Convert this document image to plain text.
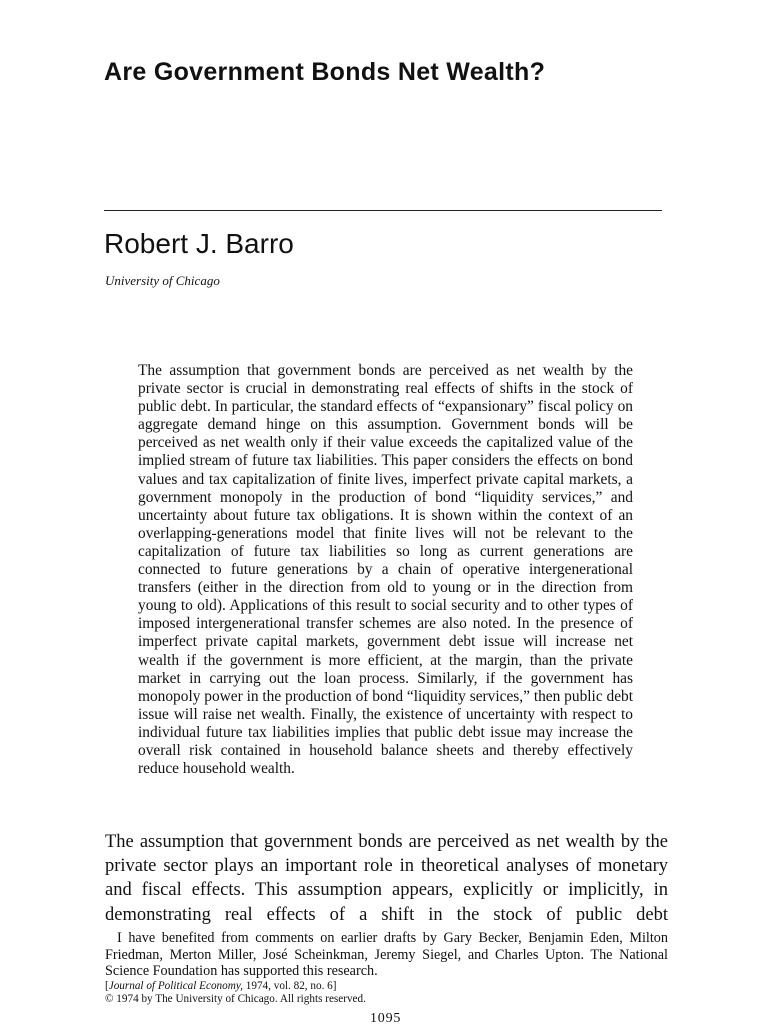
Are Government Bonds Net Wealth?
Robert J. Barro
University of Chicago

The assumption that government bonds are perceived as net wealth by the private sector is crucial in demonstrating real effects of shifts in the stock of public debt. In particular, the standard effects of “expansionary” fiscal policy on aggregate demand hinge on this assumption. Government bonds will be perceived as net wealth only if their value exceeds the capitalized value of the implied stream of future tax liabilities. This paper considers the effects on bond values and tax capitalization of finite lives, imperfect private capital markets, a government monopoly in the production of bond “liquidity services,” and uncertainty about future tax obligations. It is shown within the context of an overlapping-generations model that finite lives will not be relevant to the capitalization of future tax liabilities so long as current generations are connected to future generations by a chain of operative intergenerational transfers (either in the direction from old to young or in the direction from young to old). Applications of this result to social security and to other types of imposed intergenerational transfer schemes are also noted. In the presence of imperfect private capital markets, government debt issue will increase net wealth if the government is more efficient, at the margin, than the private market in carrying out the loan process. Similarly, if the government has monopoly power in the production of bond “liquidity services,” then public debt issue will raise net wealth. Finally, the existence of uncertainty with respect to individual future tax liabilities implies that public debt issue may increase the overall risk contained in household balance sheets and thereby effectively reduce household wealth.

The assumption that government bonds are perceived as net wealth by the private sector plays an important role in theoretical analyses of monetary and fiscal effects. This assumption appears, explicitly or implicitly, in demonstrating real effects of a shift in the stock of public debt

I have benefited from comments on earlier drafts by Gary Becker, Benjamin Eden, Milton Friedman, Merton Miller, José Scheinkman, Jeremy Siegel, and Charles Upton. The National Science Foundation has supported this research.

[Journal of Political Economy, 1974, vol. 82, no. 6]

© 1974 by The University of Chicago. All rights reserved.

1095
